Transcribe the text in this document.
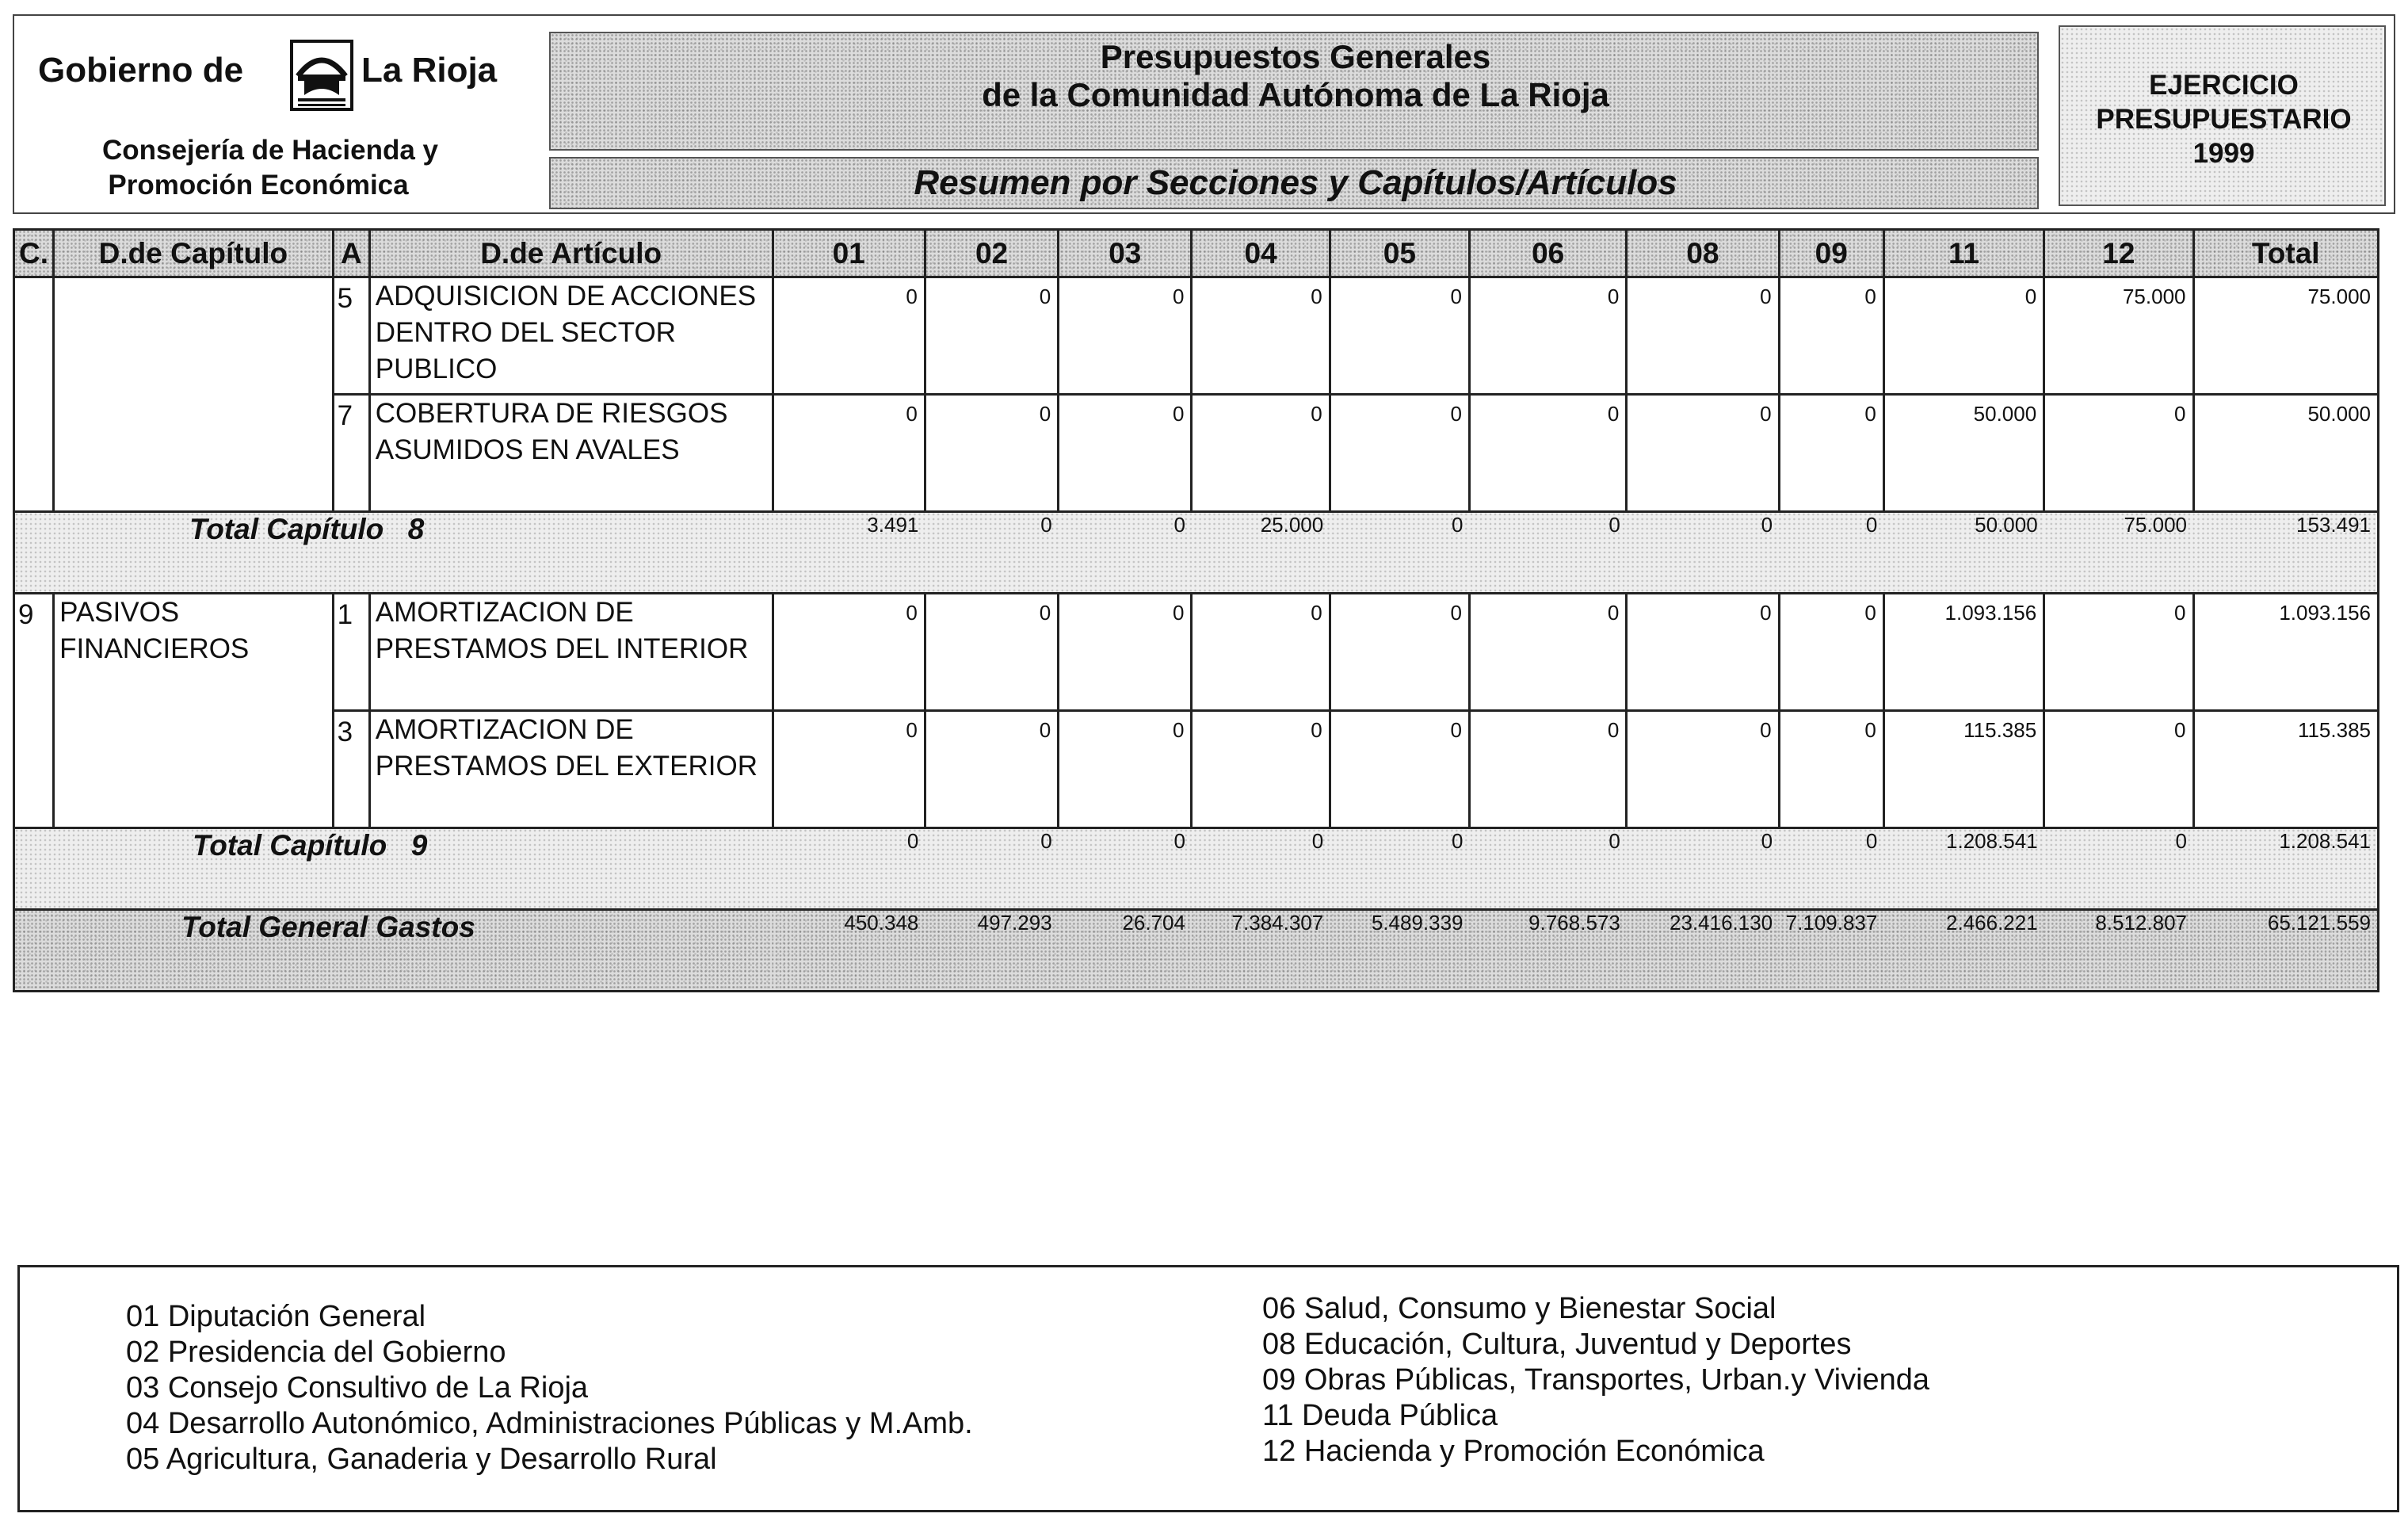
Gobierno de	La Rioja
Consejería de Hacienda y
Promoción Económica
Presupuestos Generales
de la Comunidad Autónoma de La Rioja
Resumen por Secciones y Capítulos/Artículos
EJERCICIO
PRESUPUESTARIO
1999
C.	D.de Capítulo	A	D.de Artículo	01	02	03	04	05	06	08	09	11	12	Total
		5	ADQUISICION DE ACCIONES DENTRO DEL SECTOR PUBLICO	0	0	0	0	0	0	0	0	0	75.000	75.000
		7	COBERTURA DE RIESGOS ASUMIDOS EN AVALES	0	0	0	0	0	0	0	0	50.000	0	50.000
Total Capítulo 8				3.491	0	0	25.000	0	0	0	0	50.000	75.000	153.491
9	PASIVOS FINANCIEROS	1	AMORTIZACION DE PRESTAMOS DEL INTERIOR	0	0	0	0	0	0	0	0	1.093.156	0	1.093.156
		3	AMORTIZACION DE PRESTAMOS DEL EXTERIOR	0	0	0	0	0	0	0	0	115.385	0	115.385
Total Capítulo 9				0	0	0	0	0	0	0	0	1.208.541	0	1.208.541
Total General Gastos				450.348	497.293	26.704	7.384.307	5.489.339	9.768.573	23.416.130	7.109.837	2.466.221	8.512.807	65.121.559
01 Diputación General
02 Presidencia del Gobierno
03 Consejo Consultivo de La Rioja
04 Desarrollo Autonómico, Administraciones Públicas y M.Amb.
05 Agricultura, Ganaderia y Desarrollo Rural
06 Salud, Consumo y Bienestar Social
08 Educación, Cultura, Juventud y Deportes
09 Obras Públicas, Transportes, Urban.y Vivienda
11 Deuda Pública
12 Hacienda y Promoción Económica
